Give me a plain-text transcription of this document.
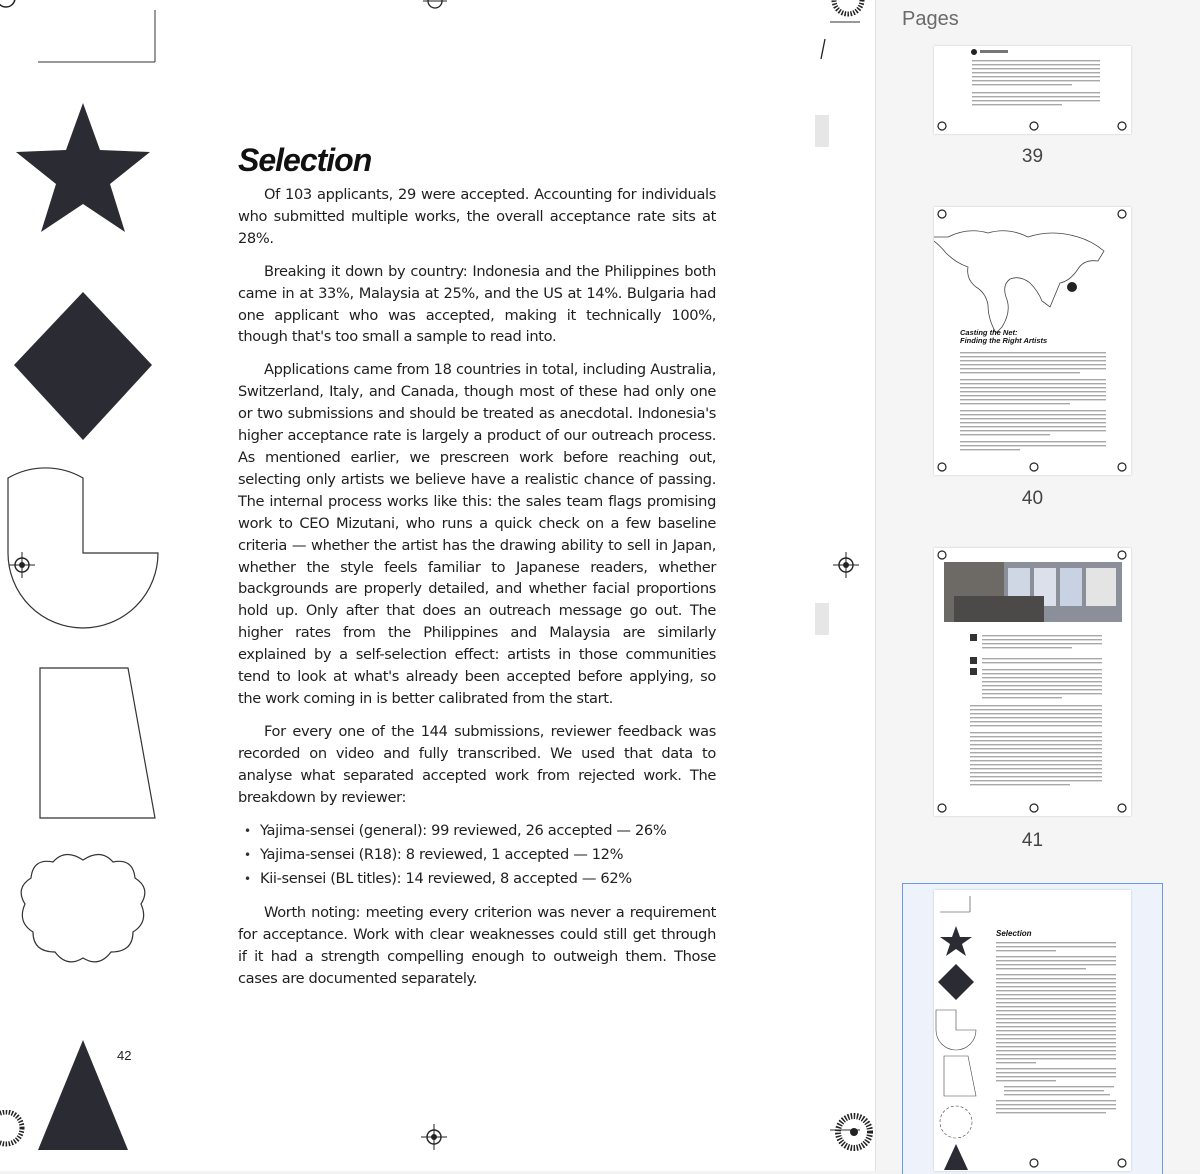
Selection

Of 103 applicants, 29 were accepted. Accounting for individuals who submitted multiple works, the overall acceptance rate sits at 28%.

Breaking it down by country: Indonesia and the Philippines both came in at 33%, Malaysia at 25%, and the US at 14%. Bulgaria had one applicant who was accepted, making it technically 100%, though that's too small a sample to read into.

Applications came from 18 countries in total, including Australia, Switzerland, Italy, and Canada, though most of these had only one or two submissions and should be treated as anecdotal. Indonesia's higher acceptance rate is largely a product of our outreach process. As mentioned earlier, we prescreen work before reaching out, selecting only artists we believe have a realistic chance of passing. The internal process works like this: the sales team flags promising work to CEO Mizutani, who runs a quick check on a few baseline criteria — whether the artist has the drawing ability to sell in Japan, whether the style feels familiar to Japanese readers, whether backgrounds are properly detailed, and whether facial proportions hold up. Only after that does an outreach message go out. The higher rates from the Philippines and Malaysia are similarly explained by a self-selection effect: artists in those communities tend to look at what's already been accepted before applying, so the work coming in is better calibrated from the start.

For every one of the 144 submissions, reviewer feedback was recorded on video and fully transcribed. We used that data to analyse what separated accepted work from rejected work. The breakdown by reviewer:

• Yajima-sensei (general): 99 reviewed, 26 accepted — 26%
• Yajima-sensei (R18): 8 reviewed, 1 accepted — 12%
• Kii-sensei (BL titles): 14 reviewed, 8 accepted — 62%

Worth noting: meeting every criterion was never a requirement for acceptance. Work with clear weaknesses could still get through if it had a strength compelling enough to outweigh them. Those cases are documented separately.

42
Pages
39
Casting the Net:
Finding the Right Artists
40
41
Selection
